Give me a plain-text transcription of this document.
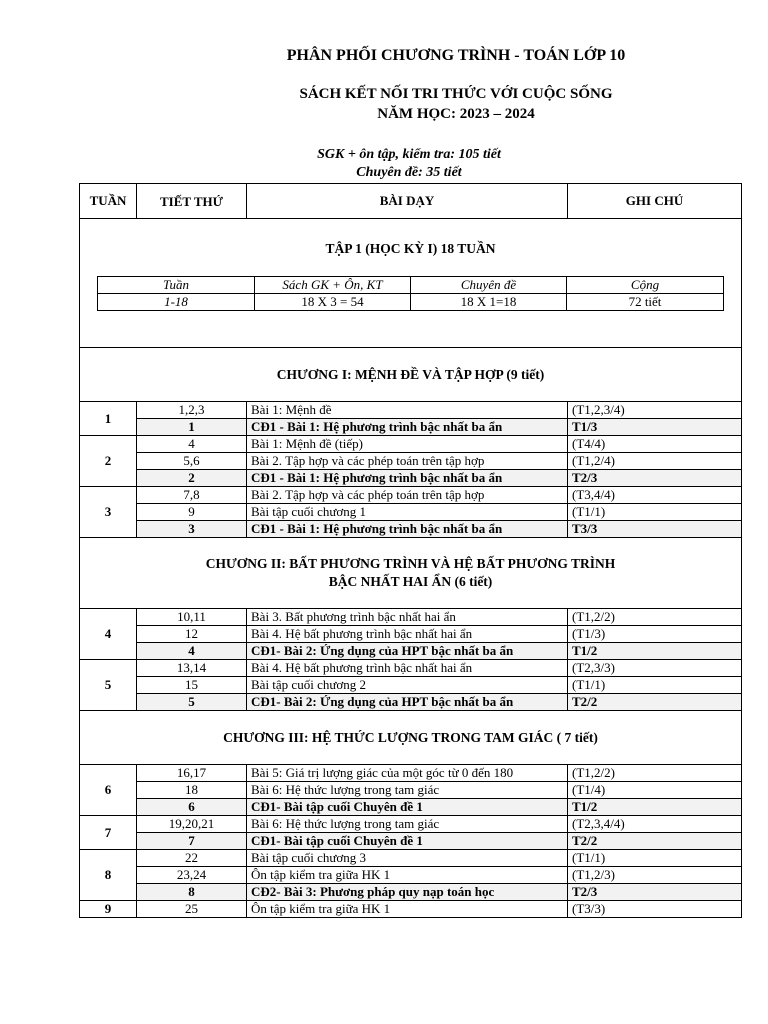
PHÂN PHỐI CHƯƠNG TRÌNH - TOÁN LỚP 10
SÁCH KẾT NỐI TRI THỨC VỚI CUỘC SỐNG
NĂM HỌC: 2023 – 2024
SGK + ôn tập, kiểm tra: 105 tiết
Chuyên đề: 35 tiết
TUẦN	TIẾT THỨ	BÀI DẠY	GHI CHÚ

TẬP 1 (HỌC KỲ I) 18 TUẦN
Tuần	Sách GK + Ôn, KT	Chuyên đề	Cộng
1-18	18 X 3 = 54	18 X 1=18	72 tiết

CHƯƠNG I: MỆNH ĐỀ VÀ TẬP HỢP (9 tiết)
1	1,2,3	Bài 1: Mệnh đề	(T1,2,3/4)
1	CĐ1 - Bài 1: Hệ phương trình bậc nhất ba ẩn	T1/3
2	4	Bài 1: Mệnh đề (tiếp)	(T4/4)
5,6	Bài 2. Tập hợp và các phép toán trên tập hợp	(T1,2/4)
2	CĐ1 - Bài 1: Hệ phương trình bậc nhất ba ẩn	T2/3
3	7,8	Bài 2. Tập hợp và các phép toán trên tập hợp	(T3,4/4)
9	Bài tập cuối chương 1	(T1/1)
3	CĐ1 - Bài 1: Hệ phương trình bậc nhất ba ẩn	T3/3

CHƯƠNG II: BẤT PHƯƠNG TRÌNH VÀ HỆ BẤT PHƯƠNG TRÌNH
BẬC NHẤT HAI ẨN (6 tiết)

4	10,11	Bài 3. Bất phương trình bậc nhất hai ẩn	(T1,2/2)
12	Bài 4. Hệ bất phương trình bậc nhất hai ẩn	(T1/3)
4	CĐ1- Bài 2: Ứng dụng của HPT bậc nhất ba ẩn	T1/2
5	13,14	Bài 4. Hệ bất phương trình bậc nhất hai ẩn	(T2,3/3)
15	Bài tập cuối chương 2	(T1/1)
5	CĐ1- Bài 2: Ứng dụng của HPT bậc nhất ba ẩn	T2/2
CHƯƠNG III: HỆ THỨC LƯỢNG TRONG TAM GIÁC ( 7 tiết)
6	16,17	Bài 5: Giá trị lượng giác của một góc từ 0 đến 180	(T1,2/2)
18	Bài 6: Hệ thức lượng trong tam giác	(T1/4)
6	CĐ1- Bài tập cuối Chuyên đề 1	T1/2
7	19,20,21	Bài 6: Hệ thức lượng trong tam giác	(T2,3,4/4)
7	CĐ1- Bài tập cuối Chuyên đề 1	T2/2
8	22	Bài tập cuối chương 3	(T1/1)
23,24	Ôn tập kiểm tra giữa HK 1	(T1,2/3)
8	CĐ2- Bài 3: Phương pháp quy nạp toán học	T2/3
9	25	Ôn tập kiểm tra giữa HK 1	(T3/3)
